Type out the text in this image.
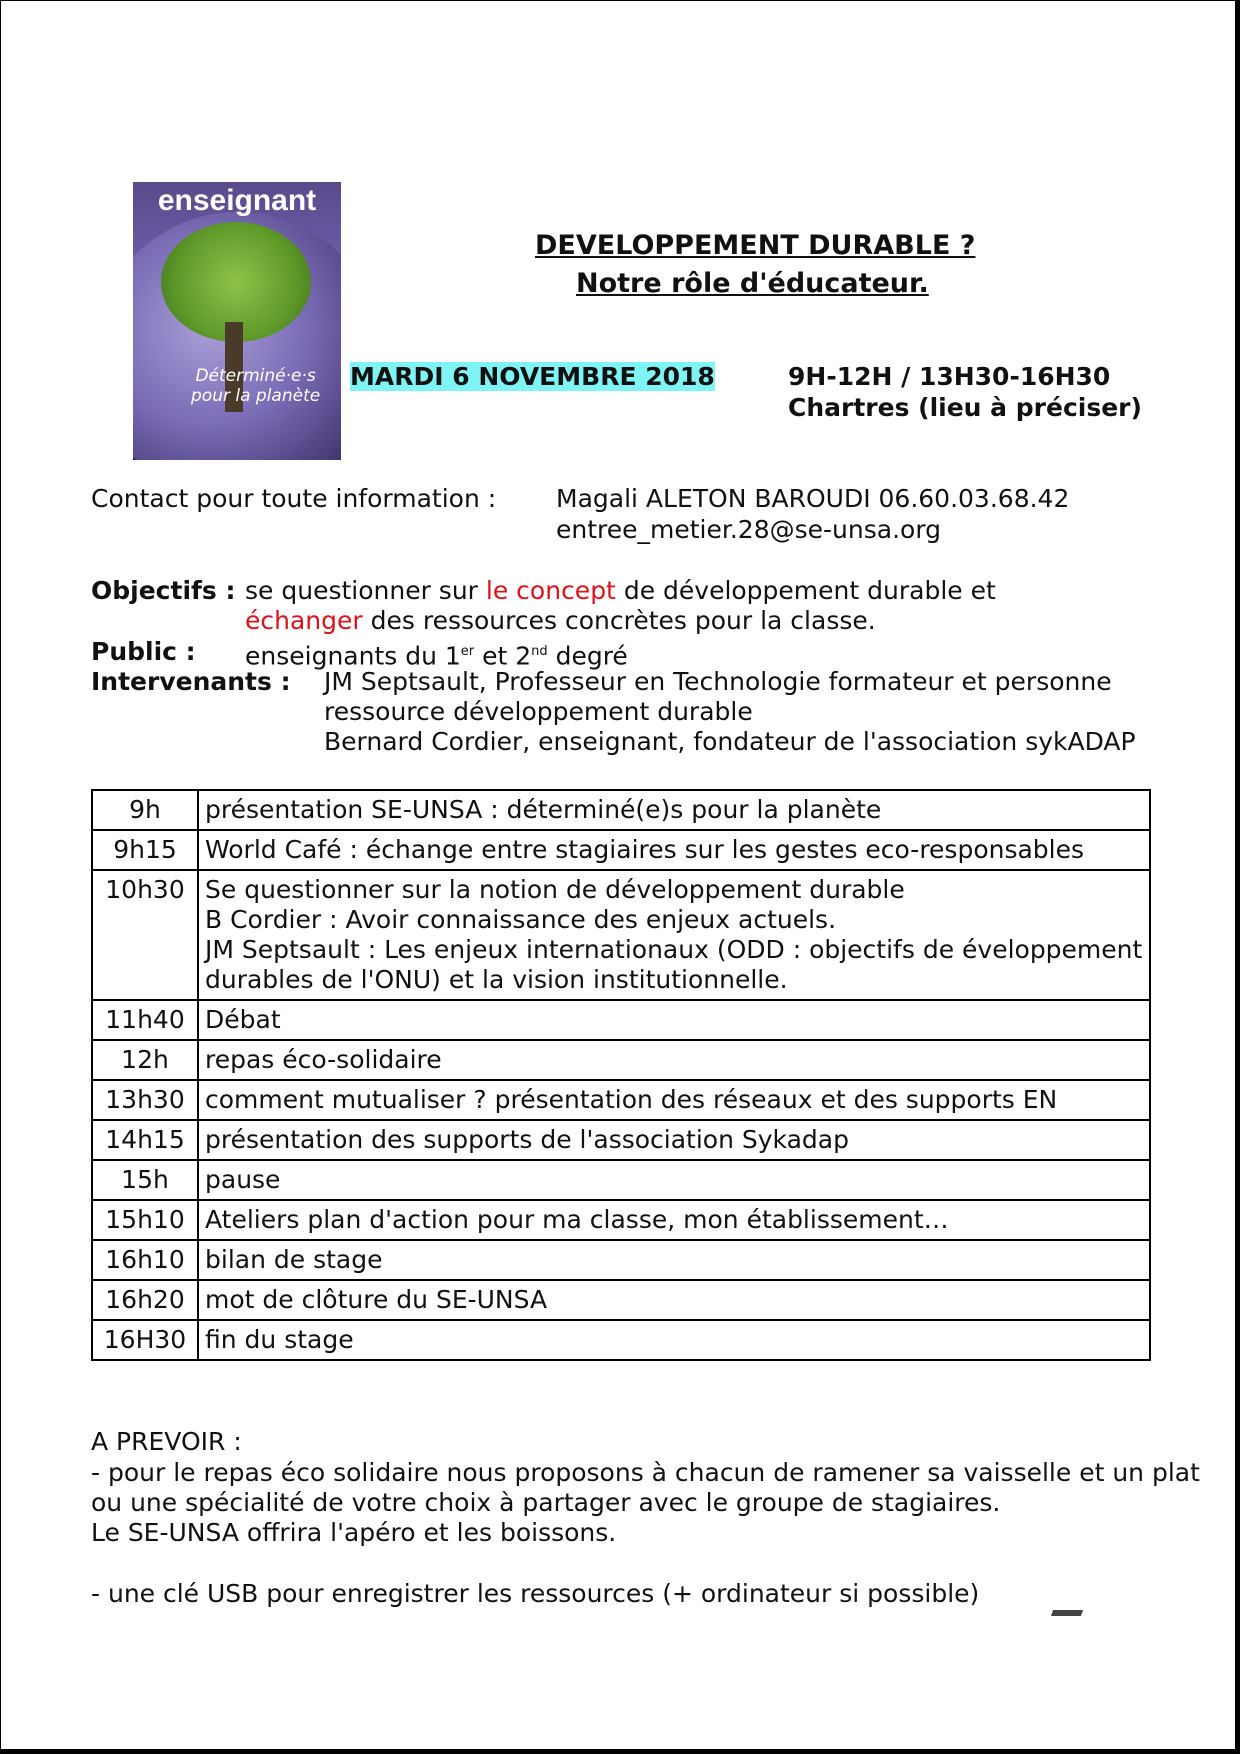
enseignant
Déterminé·e·s
pour la planète
DEVELOPPEMENT DURABLE ?
Notre rôle d'éducateur.
MARDI 6 NOVEMBRE 2018	9H-12H / 13H30-16H30
Chartres (lieu à préciser)
Contact pour toute information : Magali ALETON BAROUDI 06.60.03.68.42
entree_metier.28@se-unsa.org
Objectifs : se questionner sur le concept de développement durable et
échanger des ressources concrètes pour la classe.
Public : enseignants du 1er et 2nd degré
Intervenants : JM Septsault, Professeur en Technologie formateur et personne
ressource développement durable
Bernard Cordier, enseignant, fondateur de l'association sykADAP
9h	présentation SE-UNSA : déterminé(e)s pour la planète

9h15	World Café : échange entre stagiaires sur les gestes eco-responsables

10h30	Se questionner sur la notion de développement durable
B Cordier : Avoir connaissance des enjeux actuels.
JM Septsault : Les enjeux internationaux (ODD : objectifs de éveloppement
durables de l'ONU) et la vision institutionnelle.

11h40	Débat

12h	repas éco-solidaire

13h30	comment mutualiser ? présentation des réseaux et des supports EN

14h15	présentation des supports de l'association Sykadap

15h	pause

15h10	Ateliers plan d'action pour ma classe, mon établissement…

16h10	bilan de stage

16h20	mot de clôture du SE-UNSA

16H30	fin du stage
A PREVOIR :
- pour le repas éco solidaire nous proposons à chacun de ramener sa vaisselle et un plat
ou une spécialité de votre choix à partager avec le groupe de stagiaires.
Le SE-UNSA offrira l'apéro et les boissons.
- une clé USB pour enregistrer les ressources (+ ordinateur si possible)
